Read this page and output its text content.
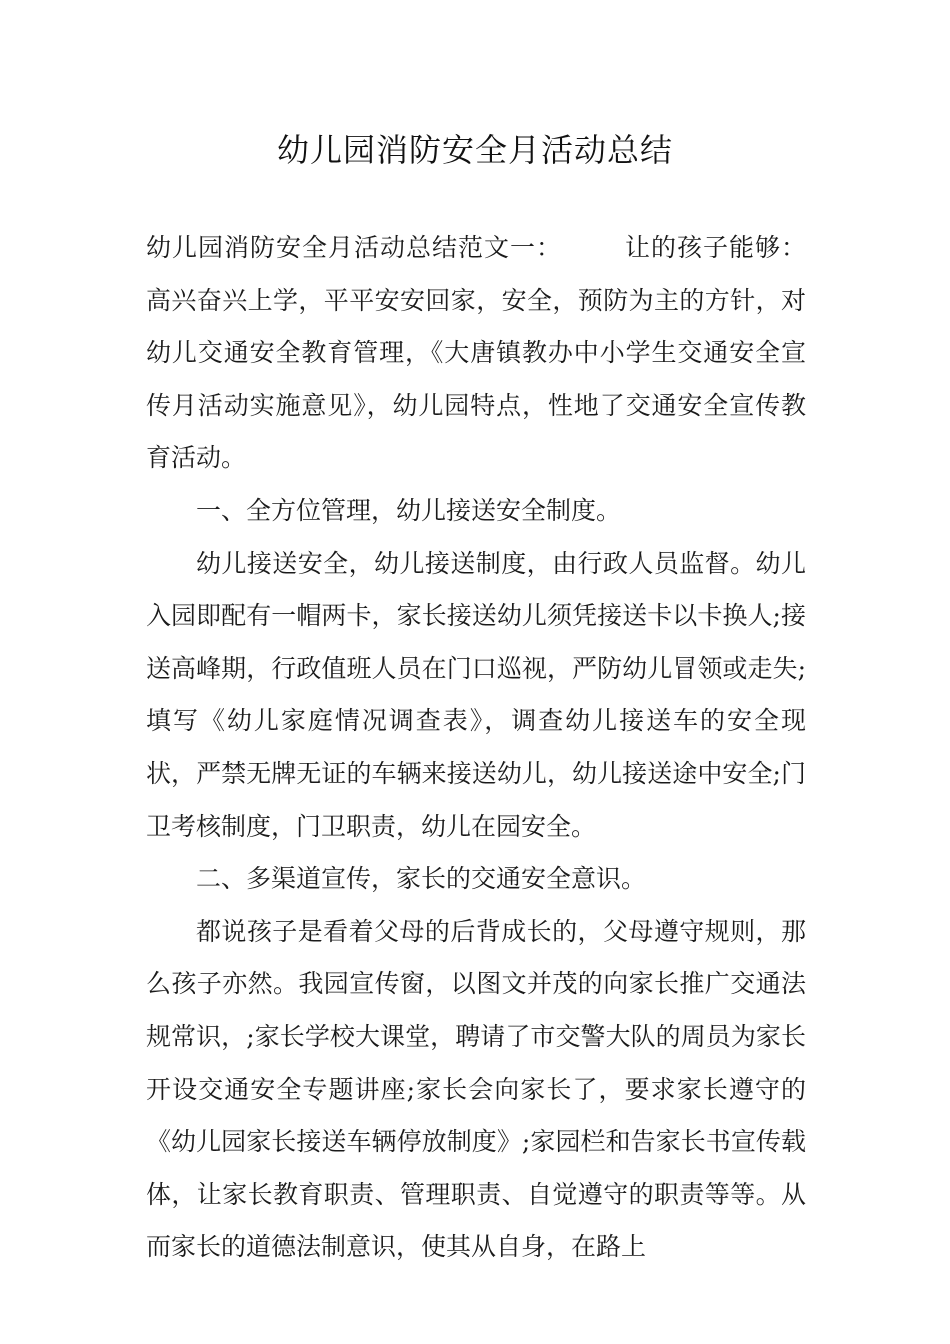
幼儿园消防安全月活动总结

幼儿园消防安全月活动总结范文一： 让的孩子能够：高兴奋兴上学，平平安安回家，安全，预防为主的方针，对幼儿交通安全教育管理，《大唐镇教办中小学生交通安全宣传月活动实施意见》，幼儿园特点，性地了交通安全宣传教育活动。

一、全方位管理，幼儿接送安全制度。

幼儿接送安全，幼儿接送制度，由行政人员监督。幼儿入园即配有一帽两卡，家长接送幼儿须凭接送卡以卡换人;接送高峰期，行政值班人员在门口巡视，严防幼儿冒领或走失;填写《幼儿家庭情况调查表》，调查幼儿接送车的安全现状，严禁无牌无证的车辆来接送幼儿，幼儿接送途中安全;门卫考核制度，门卫职责，幼儿在园安全。

二、多渠道宣传，家长的交通安全意识。

都说孩子是看着父母的后背成长的，父母遵守规则，那么孩子亦然。我园宣传窗，以图文并茂的向家长推广交通法规常识，;家长学校大课堂，聘请了市交警大队的周员为家长开设交通安全专题讲座;家长会向家长了，要求家长遵守的《幼儿园家长接送车辆停放制度》;家园栏和告家长书宣传载体，让家长教育职责、管理职责、自觉遵守的职责等等。从而家长的道德法制意识，使其从自身，在路上
